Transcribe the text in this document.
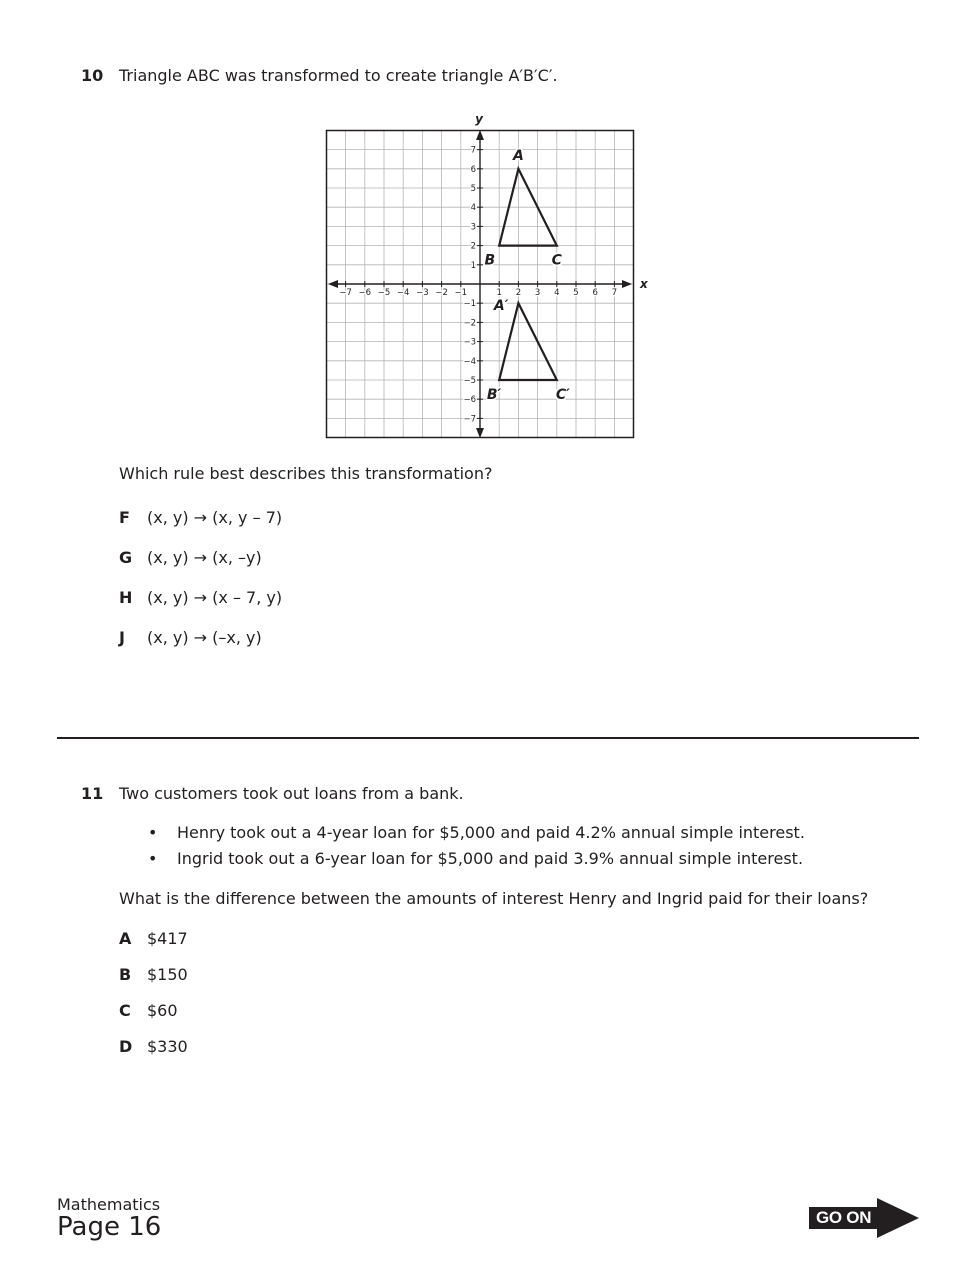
10 Triangle ABC was transformed to create triangle A′B′C′.
−7 −6 −5 −4 −3 −2 −1	1 2 3 4 5 6 7
7
6
5
4
3
2
1
−1
−2
−3
−4
−5
−6
−7
A
B	C
A′
B′	C′
x
y
Which rule best describes this transformation?
F	(x, y) → (x, y – 7)
G (x, y) → (x, –y)
H (x, y) → (x – 7, y)
J	(x, y) → (–x, y)
11 Two customers took out loans from a bank.
•	Henry took out a 4-year loan for $5,000 and paid 4.2% annual simple interest.
•	Ingrid took out a 6-year loan for $5,000 and paid 3.9% annual simple interest.
What is the difference between the amounts of interest Henry and Ingrid paid for their loans?
A $417
B $150
C	$60
D $330
Mathematics
Page 16	GO ON
